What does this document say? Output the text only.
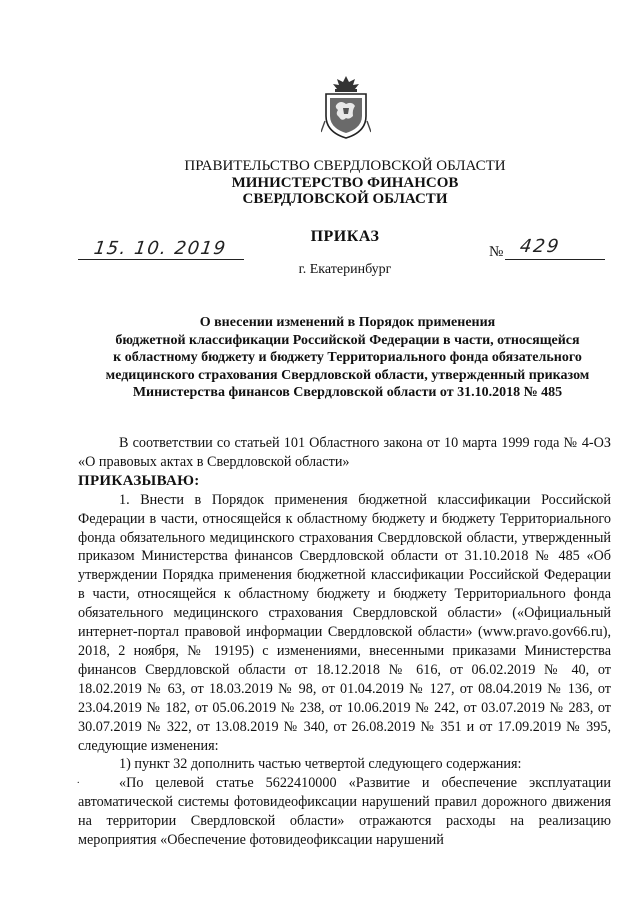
ПРАВИТЕЛЬСТВО СВЕРДЛОВСКОЙ ОБЛАСТИ
МИНИСТЕРСТВО ФИНАНСОВ
СВЕРДЛОВСКОЙ ОБЛАСТИ
ПРИКАЗ
15. 10. 2019	№ 429
г. Екатеринбург
О внесении изменений в Порядок применения
бюджетной классификации Российской Федерации в части, относящейся
к областному бюджету и бюджету Территориального фонда обязательного
медицинского страхования Свердловской области, утвержденный приказом
Министерства финансов Свердловской области от 31.10.2018 № 485
В соответствии со статьей 101 Областного закона от 10 марта 1999 года № 4-ОЗ «О правовых актах в Свердловской области»
ПРИКАЗЫВАЮ:
1. Внести в Порядок применения бюджетной классификации Российской Федерации в части, относящейся к областному бюджету и бюджету Территориального фонда обязательного медицинского страхования Свердловской области, утвержденный приказом Министерства финансов Свердловской области от 31.10.2018 № 485 «Об утверждении Порядка применения бюджетной классификации Российской Федерации в части, относящейся к областному бюджету и бюджету Территориального фонда обязательного медицинского страхования Свердловской области» («Официальный интернет-портал правовой информации Свердловской области» (www.pravo.gov66.ru), 2018, 2 ноября, № 19195) с изменениями, внесенными приказами Министерства финансов Свердловской области от 18.12.2018 № 616, от 06.02.2019 № 40, от 18.02.2019 № 63, от 18.03.2019 № 98, от 01.04.2019 № 127, от 08.04.2019 № 136, от 23.04.2019 № 182, от 05.06.2019 № 238, от 10.06.2019 № 242, от 03.07.2019 № 283, от 30.07.2019 № 322, от 13.08.2019 № 340, от 26.08.2019 № 351 и от 17.09.2019 № 395, следующие изменения:
1) пункт 32 дополнить частью четвертой следующего содержания:
«По целевой статье 5622410000 «Развитие и обеспечение эксплуатации автоматической системы фотовидеофиксации нарушений правил дорожного движения на территории Свердловской области» отражаются расходы на реализацию мероприятия «Обеспечение фотовидеофиксации нарушений
.
